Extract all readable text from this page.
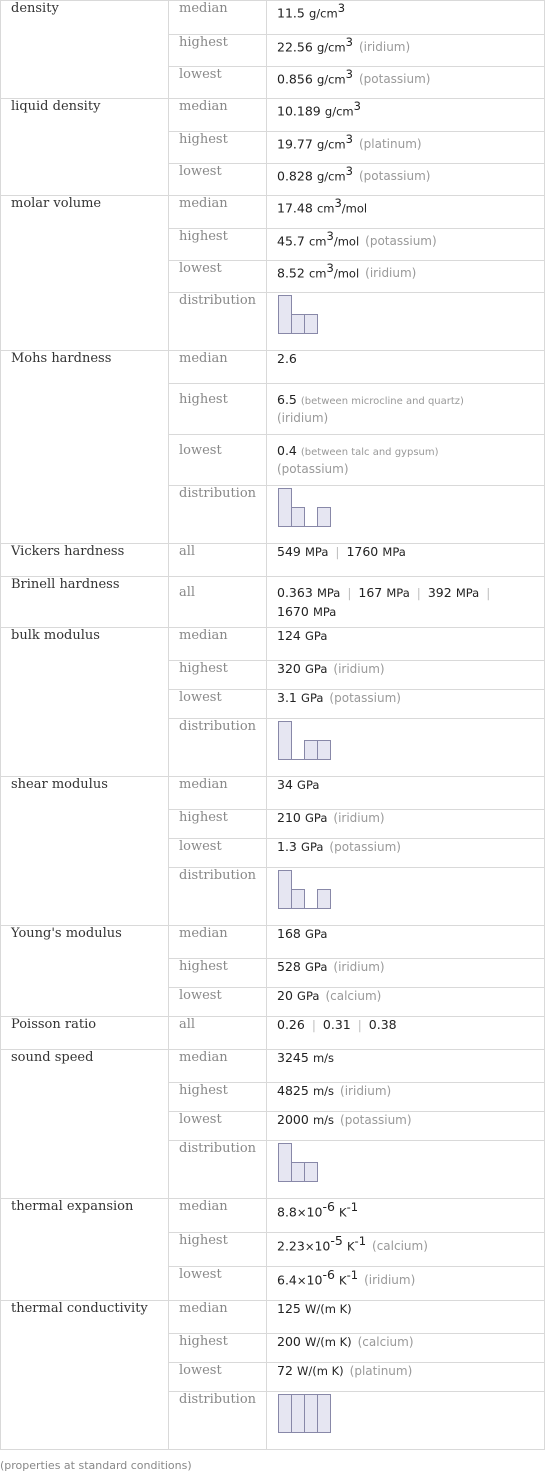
density	median	11.5 $g/cm^3$
	highest	22.56 $g/cm^3$ (iridium)
	lowest	0.856 $g/cm^3$ (potassium)
liquid density	median	10.189 $g/cm^3$
	highest	19.77 $g/cm^3$ (platinum)
	lowest	0.828 $g/cm^3$ (potassium)
molar volume	median	17.48 $cm^3$/mol
	highest	45.7 $cm^3$/mol (potassium)
	lowest	8.52 $cm^3$/mol (iridium)
	distribution	

Mohs hardness	median	2.6
	highest	6.5 (between microcline and quartz)
(iridium)
	lowest	0.4 (between talc and gypsum)
(potassium)
	distribution	

Vickers hardness	all	549 MPa | 1760 MPa
Brinell hardness	all	0.363 MPa | 167 MPa | 392 MPa |
1670 MPa
bulk modulus	median	124 GPa
	highest	320 GPa (iridium)
	lowest	3.1 GPa (potassium)
	distribution	

shear modulus	median	34 GPa
	highest	210 GPa (iridium)
	lowest	1.3 GPa (potassium)
	distribution	

Young's modulus	median	168 GPa
	highest	528 GPa (iridium)
	lowest	20 GPa (calcium)
Poisson ratio	all	0.26 | 0.31 | 0.38
sound speed	median	3245 m/s
	highest	4825 m/s (iridium)
	lowest	2000 m/s (potassium)
	distribution	

thermal expansion	median	$8.8\times 10^{-6}$ $K^{-1}$
	highest	$2.23\times 10^{-5}$ $K^{-1}$ (calcium)
	lowest	$6.4\times 10^{-6}$ $K^{-1}$ (iridium)
thermal conductivity	median	125 W/(m K)
	highest	200 W/(m K) (calcium)
	lowest	72 W/(m K) (platinum)
	distribution	
(properties at standard conditions)
